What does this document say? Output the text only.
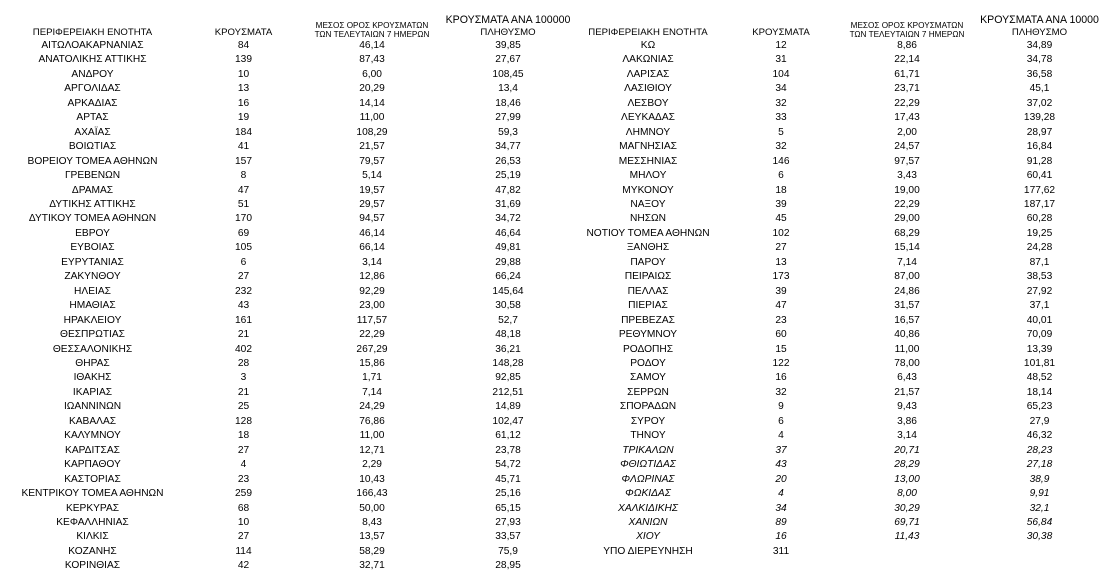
ΠΕΡΙΦΕΡΕΙΑΚΗ ΕΝΟΤΗΤΑ	ΚΡΟΥΣΜΑΤΑ	ΜΕΣΟΣ ΟΡΟΣ ΚΡΟΥΣΜΑΤΩΝ
ΤΩΝ ΤΕΛΕΥΤΑΙΩΝ 7 ΗΜΕΡΩΝ	ΚΡΟΥΣΜΑΤΑ ΑΝΑ 100000
ΠΛΗΘΥΣΜΟ
ΑΙΤΩΛΟΑΚΑΡΝΑΝΙΑΣ	84	46,14	39,85
ΑΝΑΤΟΛΙΚΗΣ ΑΤΤΙΚΗΣ	139	87,43	27,67
ΑΝΔΡΟΥ	10	6,00	108,45
ΑΡΓΟΛΙΔΑΣ	13	20,29	13,4
ΑΡΚΑΔΙΑΣ	16	14,14	18,46
ΑΡΤΑΣ	19	11,00	27,99
ΑΧΑΪΑΣ	184	108,29	59,3
ΒΟΙΩΤΙΑΣ	41	21,57	34,77
ΒΟΡΕΙΟΥ ΤΟΜΕΑ ΑΘΗΝΩΝ	157	79,57	26,53
ΓΡΕΒΕΝΩΝ	8	5,14	25,19
ΔΡΑΜΑΣ	47	19,57	47,82
ΔΥΤΙΚΗΣ ΑΤΤΙΚΗΣ	51	29,57	31,69
ΔΥΤΙΚΟΥ ΤΟΜΕΑ ΑΘΗΝΩΝ	170	94,57	34,72
ΕΒΡΟΥ	69	46,14	46,64
ΕΥΒΟΙΑΣ	105	66,14	49,81
ΕΥΡΥΤΑΝΙΑΣ	6	3,14	29,88
ΖΑΚΥΝΘΟΥ	27	12,86	66,24
ΗΛΕΙΑΣ	232	92,29	145,64
ΗΜΑΘΙΑΣ	43	23,00	30,58
ΗΡΑΚΛΕΙΟΥ	161	117,57	52,7
ΘΕΣΠΡΩΤΙΑΣ	21	22,29	48,18
ΘΕΣΣΑΛΟΝΙΚΗΣ	402	267,29	36,21
ΘΗΡΑΣ	28	15,86	148,28
ΙΘΑΚΗΣ	3	1,71	92,85
ΙΚΑΡΙΑΣ	21	7,14	212,51
ΙΩΑΝΝΙΝΩΝ	25	24,29	14,89
ΚΑΒΑΛΑΣ	128	76,86	102,47
ΚΑΛΥΜΝΟΥ	18	11,00	61,12
ΚΑΡΔΙΤΣΑΣ	27	12,71	23,78
ΚΑΡΠΑΘΟΥ	4	2,29	54,72
ΚΑΣΤΟΡΙΑΣ	23	10,43	45,71
ΚΕΝΤΡΙΚΟΥ ΤΟΜΕΑ ΑΘΗΝΩΝ	259	166,43	25,16
ΚΕΡΚΥΡΑΣ	68	50,00	65,15
ΚΕΦΑΛΛΗΝΙΑΣ	10	8,43	27,93
ΚΙΛΚΙΣ	27	13,57	33,57
ΚΟΖΑΝΗΣ	114	58,29	75,9
ΚΟΡΙΝΘΙΑΣ	42	32,71	28,95
ΠΕΡΙΦΕΡΕΙΑΚΗ ΕΝΟΤΗΤΑ	ΚΡΟΥΣΜΑΤΑ	ΜΕΣΟΣ ΟΡΟΣ ΚΡΟΥΣΜΑΤΩΝ
ΤΩΝ ΤΕΛΕΥΤΑΙΩΝ 7 ΗΜΕΡΩΝ	ΚΡΟΥΣΜΑΤΑ ΑΝΑ 10000
ΠΛΗΘΥΣΜΟ
ΚΩ	12	8,86	34,89
ΛΑΚΩΝΙΑΣ	31	22,14	34,78
ΛΑΡΙΣΑΣ	104	61,71	36,58
ΛΑΣΙΘΙΟΥ	34	23,71	45,1
ΛΕΣΒΟΥ	32	22,29	37,02
ΛΕΥΚΑΔΑΣ	33	17,43	139,28
ΛΗΜΝΟΥ	5	2,00	28,97
ΜΑΓΝΗΣΙΑΣ	32	24,57	16,84
ΜΕΣΣΗΝΙΑΣ	146	97,57	91,28
ΜΗΛΟΥ	6	3,43	60,41
ΜΥΚΟΝΟΥ	18	19,00	177,62
ΝΑΞΟΥ	39	22,29	187,17
ΝΗΣΩΝ	45	29,00	60,28
ΝΟΤΙΟΥ ΤΟΜΕΑ ΑΘΗΝΩΝ	102	68,29	19,25
ΞΑΝΘΗΣ	27	15,14	24,28
ΠΑΡΟΥ	13	7,14	87,1
ΠΕΙΡΑΙΩΣ	173	87,00	38,53
ΠΕΛΛΑΣ	39	24,86	27,92
ΠΙΕΡΙΑΣ	47	31,57	37,1
ΠΡΕΒΕΖΑΣ	23	16,57	40,01
ΡΕΘΥΜΝΟΥ	60	40,86	70,09
ΡΟΔΟΠΗΣ	15	11,00	13,39
ΡΟΔΟΥ	122	78,00	101,81
ΣΑΜΟΥ	16	6,43	48,52
ΣΕΡΡΩΝ	32	21,57	18,14
ΣΠΟΡΑΔΩΝ	9	9,43	65,23
ΣΥΡΟΥ	6	3,86	27,9
ΤΗΝΟΥ	4	3,14	46,32
ΤΡΙΚΑΛΩΝ	37	20,71	28,23
ΦΘΙΩΤΙΔΑΣ	43	28,29	27,18
ΦΛΩΡΙΝΑΣ	20	13,00	38,9
ΦΩΚΙΔΑΣ	4	8,00	9,91
ΧΑΛΚΙΔΙΚΗΣ	34	30,29	32,1
ΧΑΝΙΩΝ	89	69,71	56,84
ΧΙΟΥ	16	11,43	30,38
ΥΠΟ ΔΙΕΡΕΥΝΗΣΗ	311		
